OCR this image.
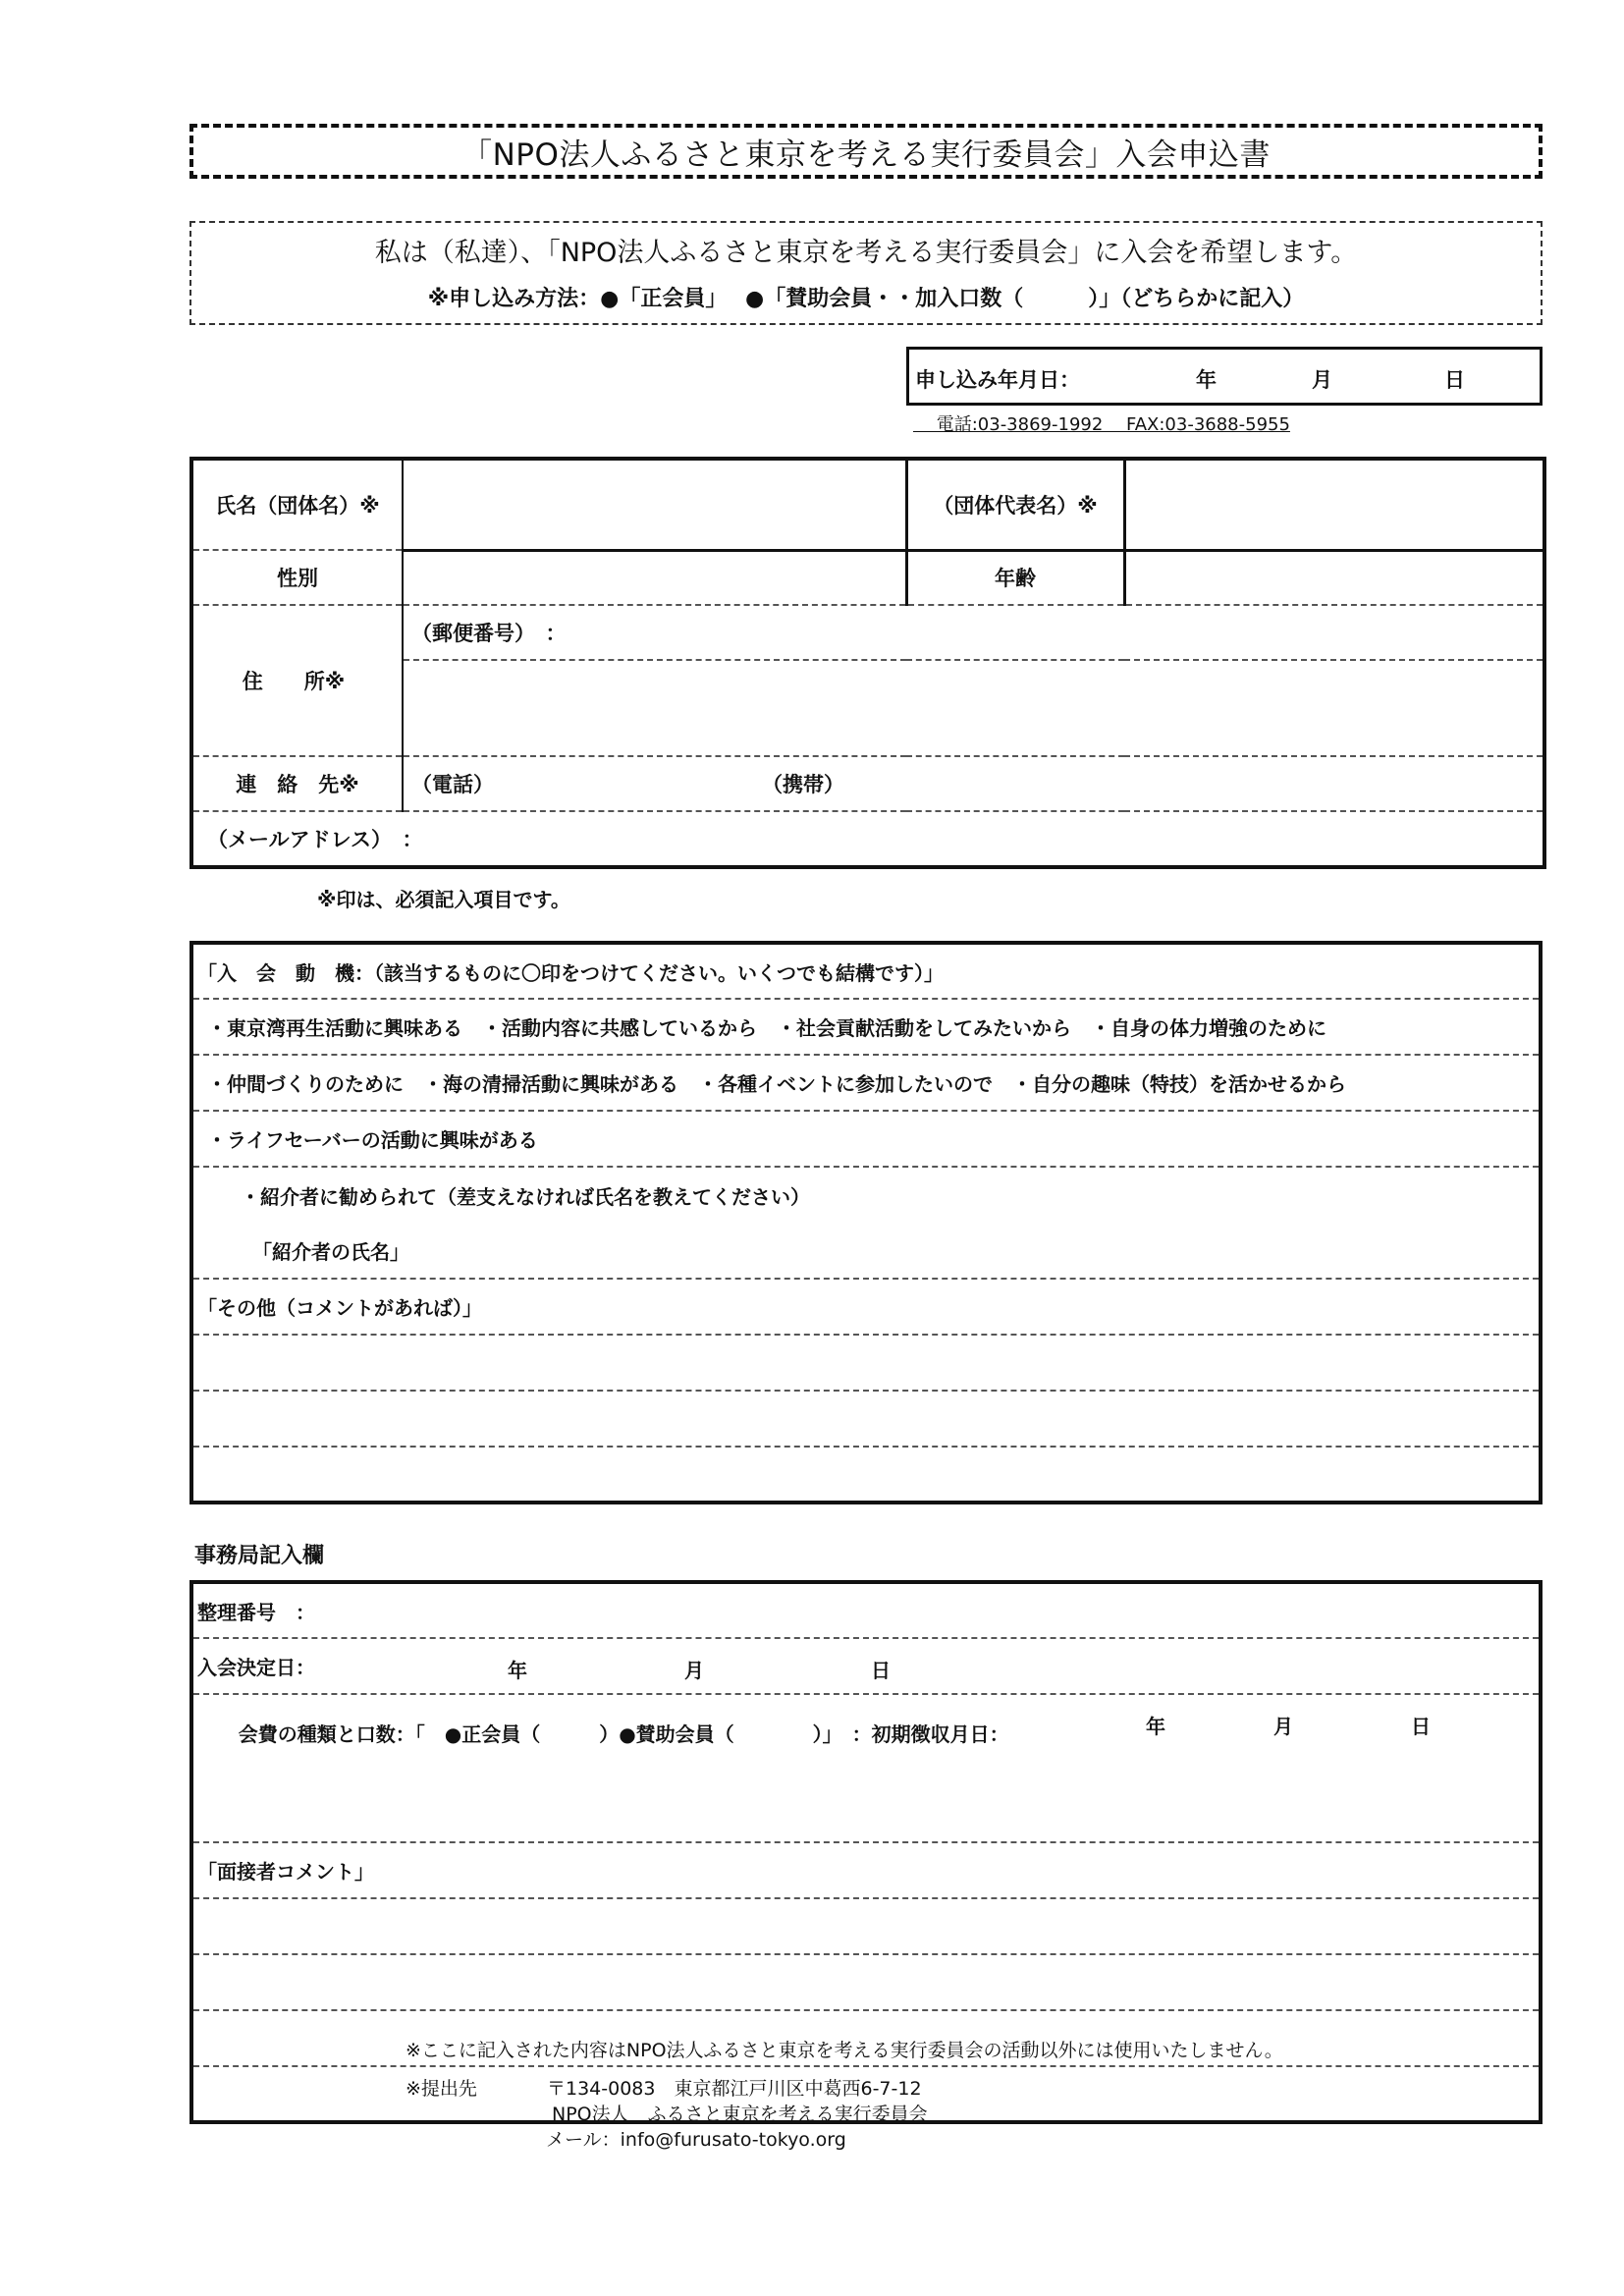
「NPO法人ふるさと東京を考える実行委員会」入会申込書
私は（私達）、「NPO法人ふるさと東京を考える実行委員会」に入会を希望します。
※申し込み方法：●「正会員」　 ●「賛助会員・・加入口数（　　　）」（どちらかに記入）
申し込み年月日：	年	月	日
　 電話:03-3869-1992　 FAX:03-3688-5955
氏名（団体名）※		（団体代表名）※	
性別		年齢	
住　　所※	（郵便番号）　：		

連　絡　先※	（電話）	（携帯）	
（メールアドレス）　：			
※印は、必須記入項目です。
「入　会　動　機：（該当するものに〇印をつけてください。いくつでも結構です）」
・東京湾再生活動に興味ある　・活動内容に共感しているから　・社会貢献活動をしてみたいから　・自身の体力増強のために
・仲間づくりのために　・海の清掃活動に興味がある　・各種イベントに参加したいので　・自分の趣味（特技）を活かせるから
・ライフセーバーの活動に興味がある
・紹介者に勧められて（差支えなければ氏名を教えてください）
「紹介者の氏名」
「その他（コメントがあれば）」

事務局記入欄
整理番号　：
入会決定日：	年	月	日

会費の種類と口数：「　●正会員（　　　）●賛助会員（　　　　）」　：初期徴収月日：
	年

	月

	日

「面接者コメント」

※ここに記入された内容はNPO法人ふるさと東京を考える実行委員会の活動以外には使用いたしません。
※提出先	〒134-0083　東京都江戸川区中葛西6-7-12
NPO法人　ふるさと東京を考える実行委員会
メール：info@furusato-tokyo.org
